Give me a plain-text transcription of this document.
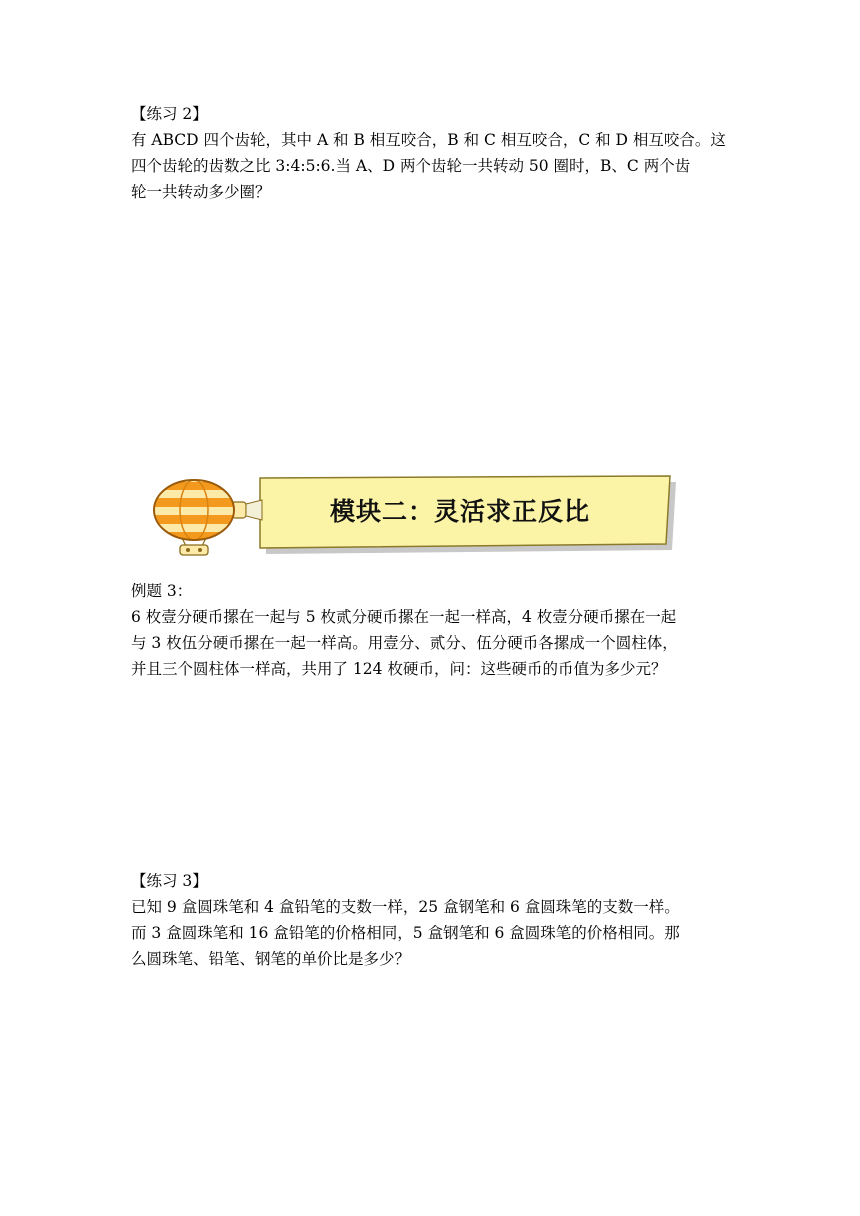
【练习 2】
有 ABCD 四个齿轮，其中 A 和 B 相互咬合，B 和 C 相互咬合，C 和 D 相互咬合。这
四个齿轮的齿数之比 3:4:5:6.当 A、D 两个齿轮一共转动 50 圈时，B、C 两个齿
轮一共转动多少圈？
模块二：灵活求正反比
例题 3：
6 枚壹分硬币摞在一起与 5 枚贰分硬币摞在一起一样高，4 枚壹分硬币摞在一起
与 3 枚伍分硬币摞在一起一样高。用壹分、贰分、伍分硬币各摞成一个圆柱体，
并且三个圆柱体一样高，共用了 124 枚硬币，问：这些硬币的币值为多少元？
【练习 3】
已知 9 盒圆珠笔和 4 盒铅笔的支数一样，25 盒钢笔和 6 盒圆珠笔的支数一样。
而 3 盒圆珠笔和 16 盒铅笔的价格相同，5 盒钢笔和 6 盒圆珠笔的价格相同。那
么圆珠笔、铅笔、钢笔的单价比是多少？
